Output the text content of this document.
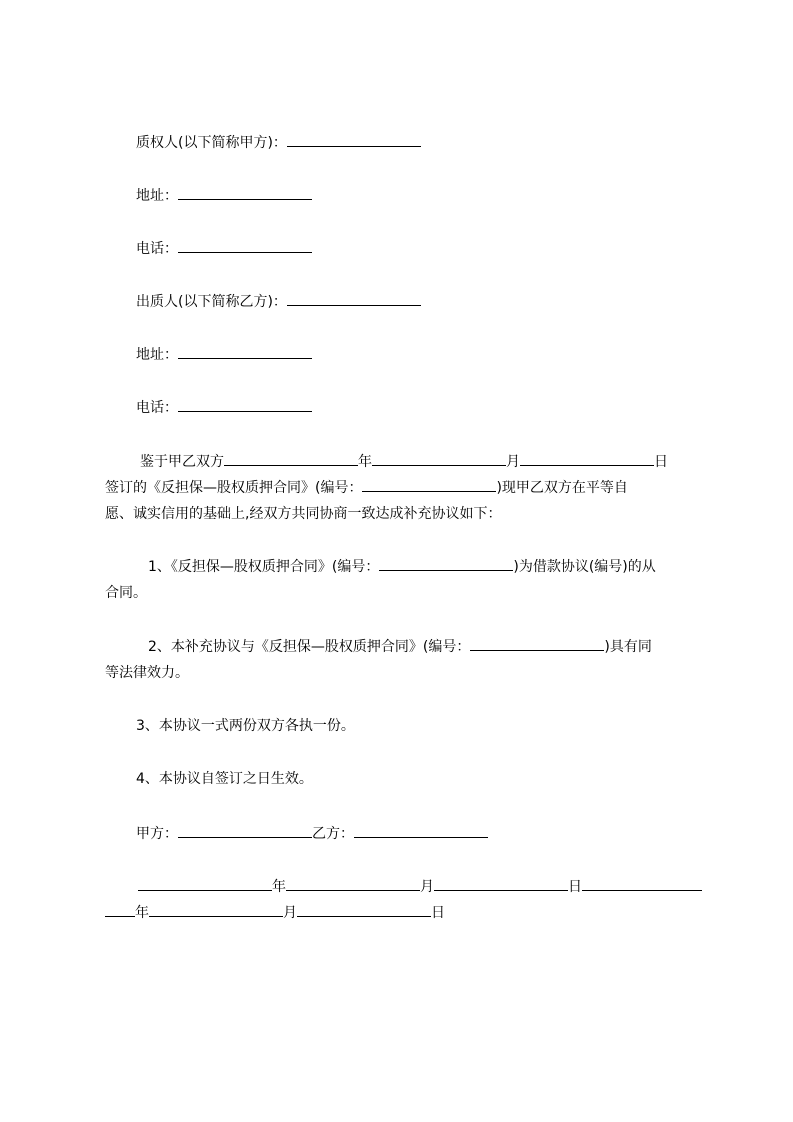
质权人(以下简称甲方)：
地址：
电话：
出质人(以下简称乙方)：
地址：
电话：
鉴于甲乙双方	年	月	日
签订的《反担保—股权质押合同》(编号：	)现甲乙双方在平等自
愿、诚实信用的基础上,经双方共同协商一致达成补充协议如下：
1、《反担保—股权质押合同》(编号：	)为借款协议(编号)的从
合同。
2、本补充协议与《反担保—股权质押合同》(编号：	)具有同
等法律效力。
3、本协议一式两份双方各执一份。
4、本协议自签订之日生效。
甲方：	乙方：
年	月	日
年	月	日
